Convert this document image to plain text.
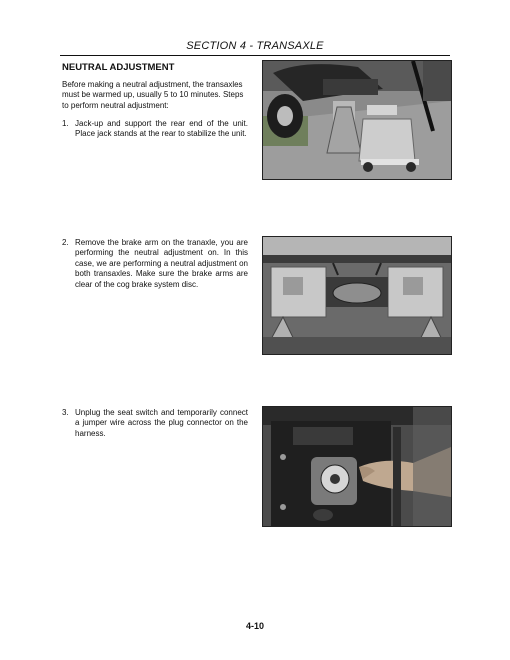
SECTION 4 - TRANSAXLE
NEUTRAL ADJUSTMENT
Before making a neutral adjustment, the transaxles must be warmed up, usually 5 to 10 minutes. Steps to perform neutral adjustment:
1. Jack-up and support the rear end of the unit. Place jack stands at the rear to stabilize the unit.
2. Remove the brake arm on the tranaxle, you are performing the neutral adjustment on. In this case, we are performing a neutral adjustment on both transaxles. Make sure the brake arms are clear of the cog brake system disc.
3. Unplug the seat switch and temporarily connect a jumper wire across the plug connector on the harness.
4-10
